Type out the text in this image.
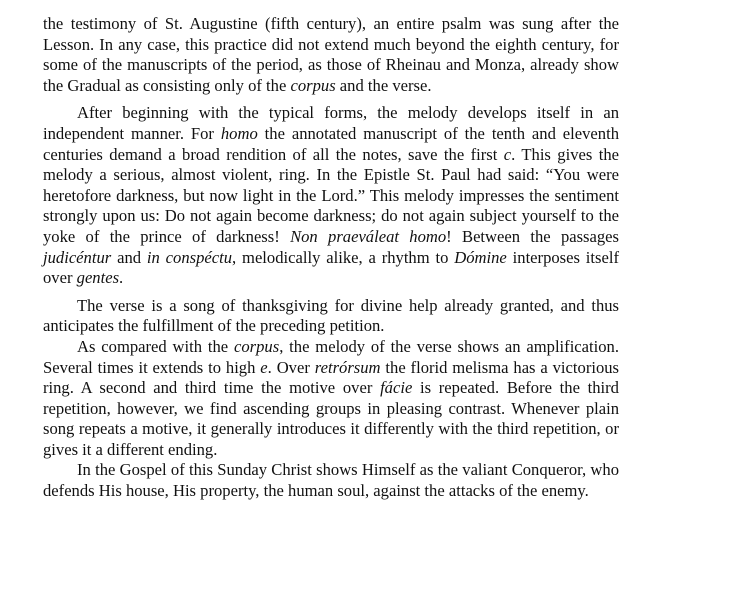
the testimony of St. Augustine (fifth century), an entire psalm was sung after the Lesson. In any case, this practice did not extend much beyond the eighth century, for some of the manuscripts of the period, as those of Rheinau and Monza, already show the Gradual as consisting only of the corpus and the verse.

After beginning with the typical forms, the melody develops itself in an independent manner. For homo the annotated manuscript of the tenth and eleventh centuries demand a broad rendition of all the notes, save the first c. This gives the melody a serious, almost violent, ring. In the Epistle St. Paul had said: “You were heretofore darkness, but now light in the Lord.” This melody impresses the sentiment strongly upon us: Do not again become darkness; do not again subject yourself to the yoke of the prince of darkness! Non praeváleat homo! Between the passages judicéntur and in conspéctu, melodically alike, a rhythm to Dómine interposes itself over gentes.

The verse is a song of thanksgiving for divine help already granted, and thus anticipates the fulfillment of the preceding petition.

As compared with the corpus, the melody of the verse shows an amplification. Several times it extends to high e. Over retrórsum the florid melisma has a victorious ring. A second and third time the motive over fácie is repeated. Before the third repetition, however, we find ascending groups in pleasing contrast. Whenever plain song repeats a motive, it generally introduces it differently with the third repetition, or gives it a different ending.

In the Gospel of this Sunday Christ shows Himself as the valiant Conqueror, who defends His house, His property, the human soul, against the attacks of the enemy.
